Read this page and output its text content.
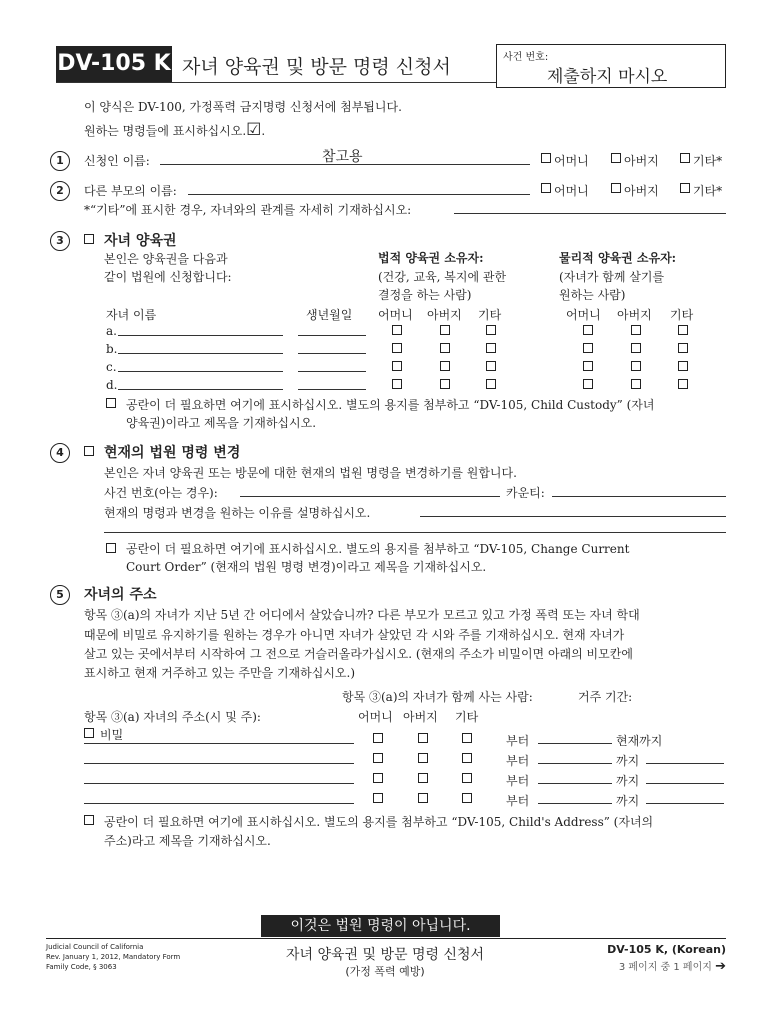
DV-105 K 자녀 양육권 및 방문 명령 신청서	사건 번호:
제출하지 마시오
이 양식은 DV-100, 가정폭력 금지명령 신청서에 첨부됩니다.
원하는 명령들에 표시하십시오.☑.
1	신청인 이름:	참고용	어머니	아버지	기타*
2	다른 부모의 이름:	어머니	아버지	기타*
*“기타”에 표시한 경우, 자녀와의 관계를 자세히 기재하십시오:
3	자녀 양육권
본인은 양육권을 다음과
같이 법원에 신청합니다:
법적 양육권 소유자:
(건강, 교육, 복지에 관한
결정을 하는 사람)
물리적 양육권 소유자:
(자녀가 함께 살기를
원하는 사람)
자녀 이름	생년월일 어머니 아버지 기타	어머니 아버지 기타
a.
b.
c.
d.
공란이 더 필요하면 여기에 표시하십시오. 별도의 용지를 첨부하고 “DV-105, Child Custody” (자녀
양육권)이라고 제목을 기재하십시오.
4	현재의 법원 명령 변경
본인은 자녀 양육권 또는 방문에 대한 현재의 법원 명령을 변경하기를 원합니다.
사건 번호(아는 경우):	카운티:
현재의 명령과 변경을 원하는 이유를 설명하십시오.
공란이 더 필요하면 여기에 표시하십시오. 별도의 용지를 첨부하고 “DV-105, Change Current
Court Order” (현재의 법원 명령 변경)이라고 제목을 기재하십시오.
5	자녀의 주소
항목 ③(a)의 자녀가 지난 5년 간 어디에서 살았습니까? 다른 부모가 모르고 있고 가정 폭력 또는 자녀 학대
때문에 비밀로 유지하기를 원하는 경우가 아니면 자녀가 살았던 각 시와 주를 기재하십시오. 현재 자녀가
살고 있는 곳에서부터 시작하여 그 전으로 거슬러올라가십시오. (현재의 주소가 비밀이면 아래의 비모칸에
표시하고 현재 거주하고 있는 주만을 기재하십시오.)
항목 ③(a)의 자녀가 함께 사는 사람:	거주 기간:
항목 ③(a) 자녀의 주소(시 및 주):	어머니 아버지 기타
비밀	부터	현재까지
부터	까지
부터	까지
부터	까지
공란이 더 필요하면 여기에 표시하십시오. 별도의 용지를 첨부하고 “DV-105, Child's Address” (자녀의
주소)라고 제목을 기재하십시오.
이것은 법원 명령이 아닙니다.
Judicial Council of California
Rev. January 1, 2012, Mandatory Form
Family Code, § 3063
자녀 양육권 및 방문 명령 신청서
(가정 폭력 예방)
DV-105 K, (Korean)
3 페이지 중 1 페이지 ➔
